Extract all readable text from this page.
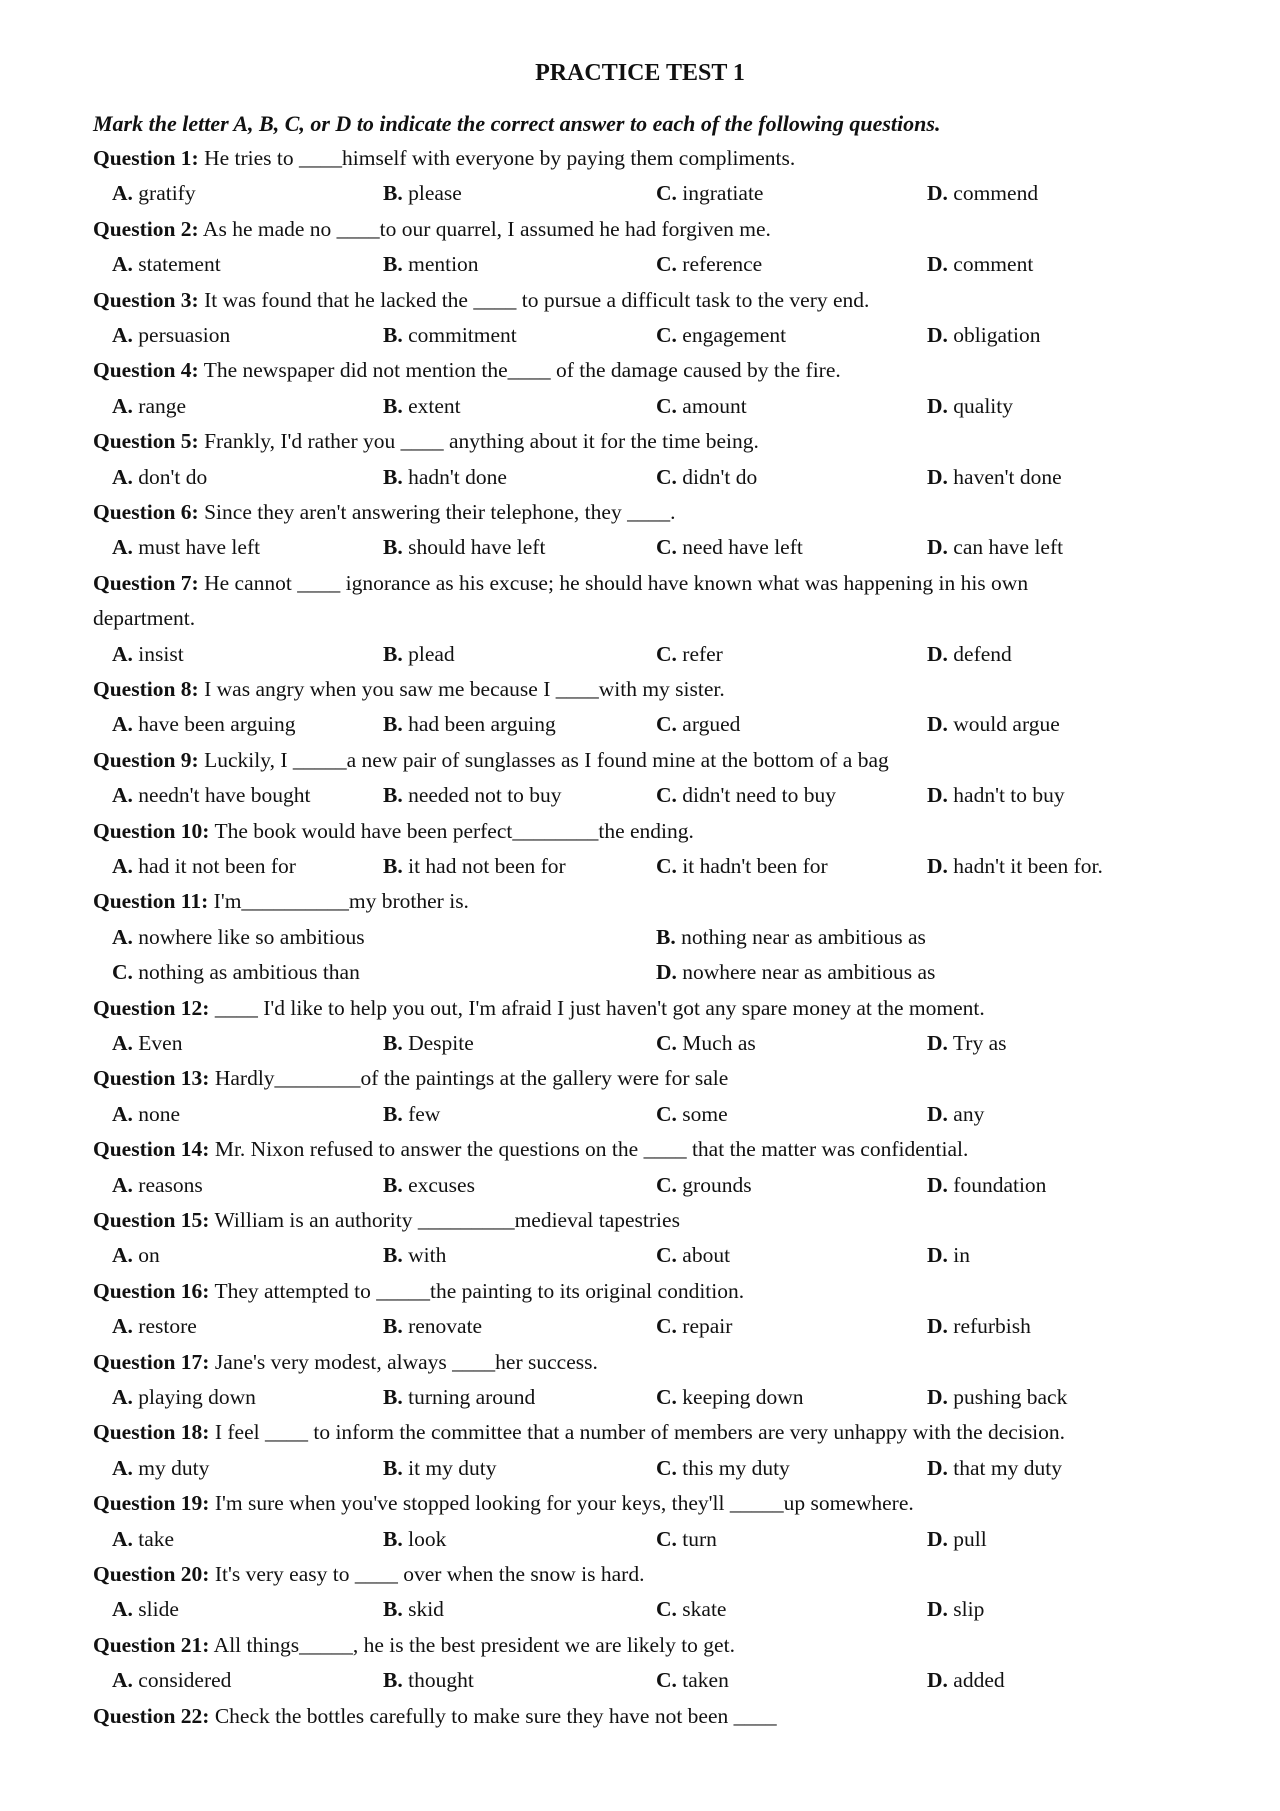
PRACTICE TEST 1
Mark the letter A, B, C, or D to indicate the correct answer to each of the following questions.
Question 1: He tries to ____himself with everyone by paying them compliments.
A. gratify	B. please	C. ingratiate	D. commend
Question 2: As he made no ____to our quarrel, I assumed he had forgiven me.
A. statement	B. mention	C. reference	D. comment
Question 3: It was found that he lacked the ____ to pursue a difficult task to the very end.
A. persuasion	B. commitment	C. engagement	D. obligation
Question 4: The newspaper did not mention the____ of the damage caused by the fire.
A. range	B. extent	C. amount	D. quality
Question 5: Frankly, I'd rather you ____ anything about it for the time being.
A. don't do	B. hadn't done	C. didn't do	D. haven't done
Question 6: Since they aren't answering their telephone, they ____.
A. must have left	B. should have left	C. need have left	D. can have left
Question 7: He cannot ____ ignorance as his excuse; he should have known what was happening in his own
department.
A. insist	B. plead	C. refer	D. defend
Question 8: I was angry when you saw me because I ____with my sister.
A. have been arguing	B. had been arguing	C. argued	D. would argue
Question 9: Luckily, I _____a new pair of sunglasses as I found mine at the bottom of a bag
A. needn't have bought	B. needed not to buy	C. didn't need to buy	D. hadn't to buy
Question 10: The book would have been perfect________the ending.
A. had it not been for	B. it had not been for	C. it hadn't been for	D. hadn't it been for.
Question 11: I'm__________my brother is.
A. nowhere like so ambitious	B. nothing near as ambitious as
C. nothing as ambitious than	D. nowhere near as ambitious as
Question 12: ____ I'd like to help you out, I'm afraid I just haven't got any spare money at the moment.
A. Even	B. Despite	C. Much as	D. Try as
Question 13: Hardly________of the paintings at the gallery were for sale
A. none	B. few	C. some	D. any
Question 14: Mr. Nixon refused to answer the questions on the ____ that the matter was confidential.
A. reasons	B. excuses	C. grounds	D. foundation
Question 15: William is an authority _________medieval tapestries
A. on	B. with	C. about	D. in
Question 16: They attempted to _____the painting to its original condition.
A. restore	B. renovate	C. repair	D. refurbish
Question 17: Jane's very modest, always ____her success.
A. playing down	B. turning around	C. keeping down	D. pushing back
Question 18: I feel ____ to inform the committee that a number of members are very unhappy with the decision.
A. my duty	B. it my duty	C. this my duty	D. that my duty
Question 19: I'm sure when you've stopped looking for your keys, they'll _____up somewhere.
A. take	B. look	C. turn	D. pull
Question 20: It's very easy to ____ over when the snow is hard.
A. slide	B. skid	C. skate	D. slip
Question 21: All things_____, he is the best president we are likely to get.
A. considered	B. thought	C. taken	D. added
Question 22: Check the bottles carefully to make sure they have not been ____
